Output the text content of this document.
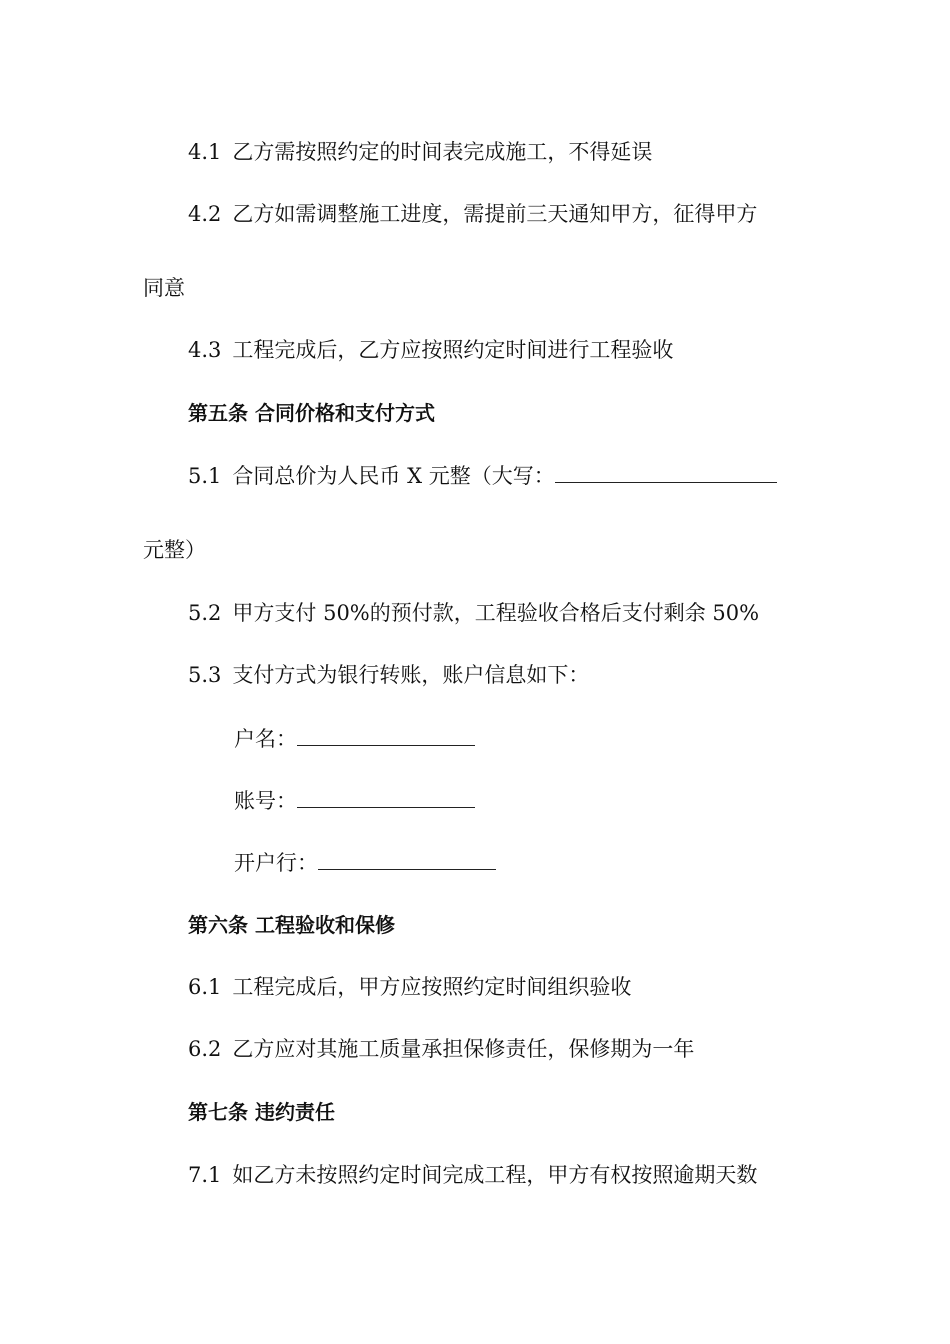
4.1 乙方需按照约定的时间表完成施工，不得延误
4.2 乙方如需调整施工进度，需提前三天通知甲方，征得甲方
同意
4.3 工程完成后，乙方应按照约定时间进行工程验收
第五条 合同价格和支付方式
5.1 合同总价为人民币 X 元整（大写：
元整）
5.2 甲方支付 50%的预付款，工程验收合格后支付剩余 50%
5.3 支付方式为银行转账，账户信息如下：
户名：
账号：
开户行：
第六条 工程验收和保修
6.1 工程完成后，甲方应按照约定时间组织验收
6.2 乙方应对其施工质量承担保修责任，保修期为一年
第七条 违约责任
7.1 如乙方未按照约定时间完成工程，甲方有权按照逾期天数
